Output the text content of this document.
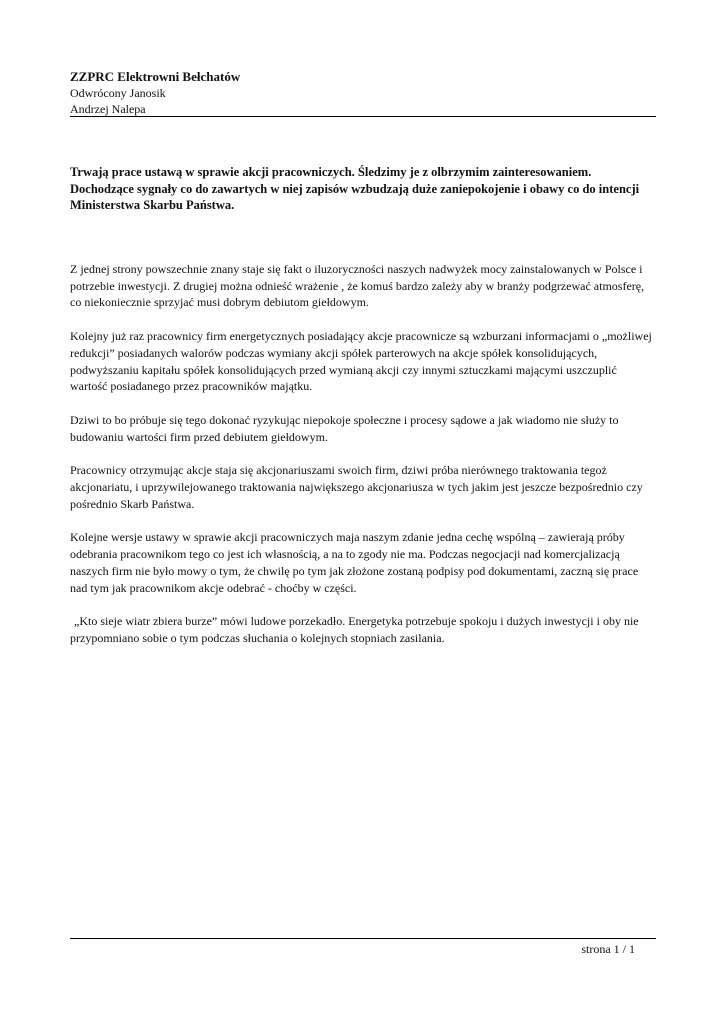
ZZPRC Elektrowni Bełchatów
Odwrócony Janosik
Andrzej Nalepa
Trwają prace ustawą w sprawie akcji pracowniczych. Śledzimy je z olbrzymim zainteresowaniem. Dochodzące sygnały co do zawartych w niej zapisów wzbudzają duże zaniepokojenie i obawy co do intencji Ministerstwa Skarbu Państwa.

Z jednej strony powszechnie znany staje się fakt o iluzoryczności naszych nadwyżek mocy zainstalowanych w Polsce i potrzebie inwestycji. Z drugiej można odnieść wrażenie , że komuś bardzo zależy aby w branży podgrzewać atmosferę, co niekoniecznie sprzyjać musi dobrym debiutom giełdowym.

Kolejny już raz pracownicy firm energetycznych posiadający akcje pracownicze są wzburzani informacjami o „możliwej redukcji” posiadanych walorów podczas wymiany akcji spółek parterowych na akcje spółek konsolidujących, podwyższaniu kapitału spółek konsolidujących przed wymianą akcji czy innymi sztuczkami mającymi uszczuplić wartość posiadanego przez pracowników majątku.

Dziwi to bo próbuje się tego dokonać ryzykując niepokoje społeczne i procesy sądowe a jak wiadomo nie służy to budowaniu wartości firm przed debiutem giełdowym.

Pracownicy otrzymując akcje staja się akcjonariuszami swoich firm, dziwi próba nierównego traktowania tegoż akcjonariatu, i uprzywilejowanego traktowania największego akcjonariusza w tych jakim jest jeszcze bezpośrednio czy pośrednio Skarb Państwa.

Kolejne wersje ustawy w sprawie akcji pracowniczych maja naszym zdanie jedna cechę wspólną – zawierają próby odebrania pracownikom tego co jest ich własnością, a na to zgody nie ma. Podczas negocjacji nad komercjalizacją naszych firm nie było mowy o tym, że chwilę po tym jak złożone zostaną podpisy pod dokumentami, zaczną się prace nad tym jak pracownikom akcje odebrać - choćby w części.

„Kto sieje wiatr zbiera burze” mówi ludowe porzekadło. Energetyka potrzebuje spokoju i dużych inwestycji i oby nie przypomniano sobie o tym podczas słuchania o kolejnych stopniach zasilania.

strona 1 / 1
